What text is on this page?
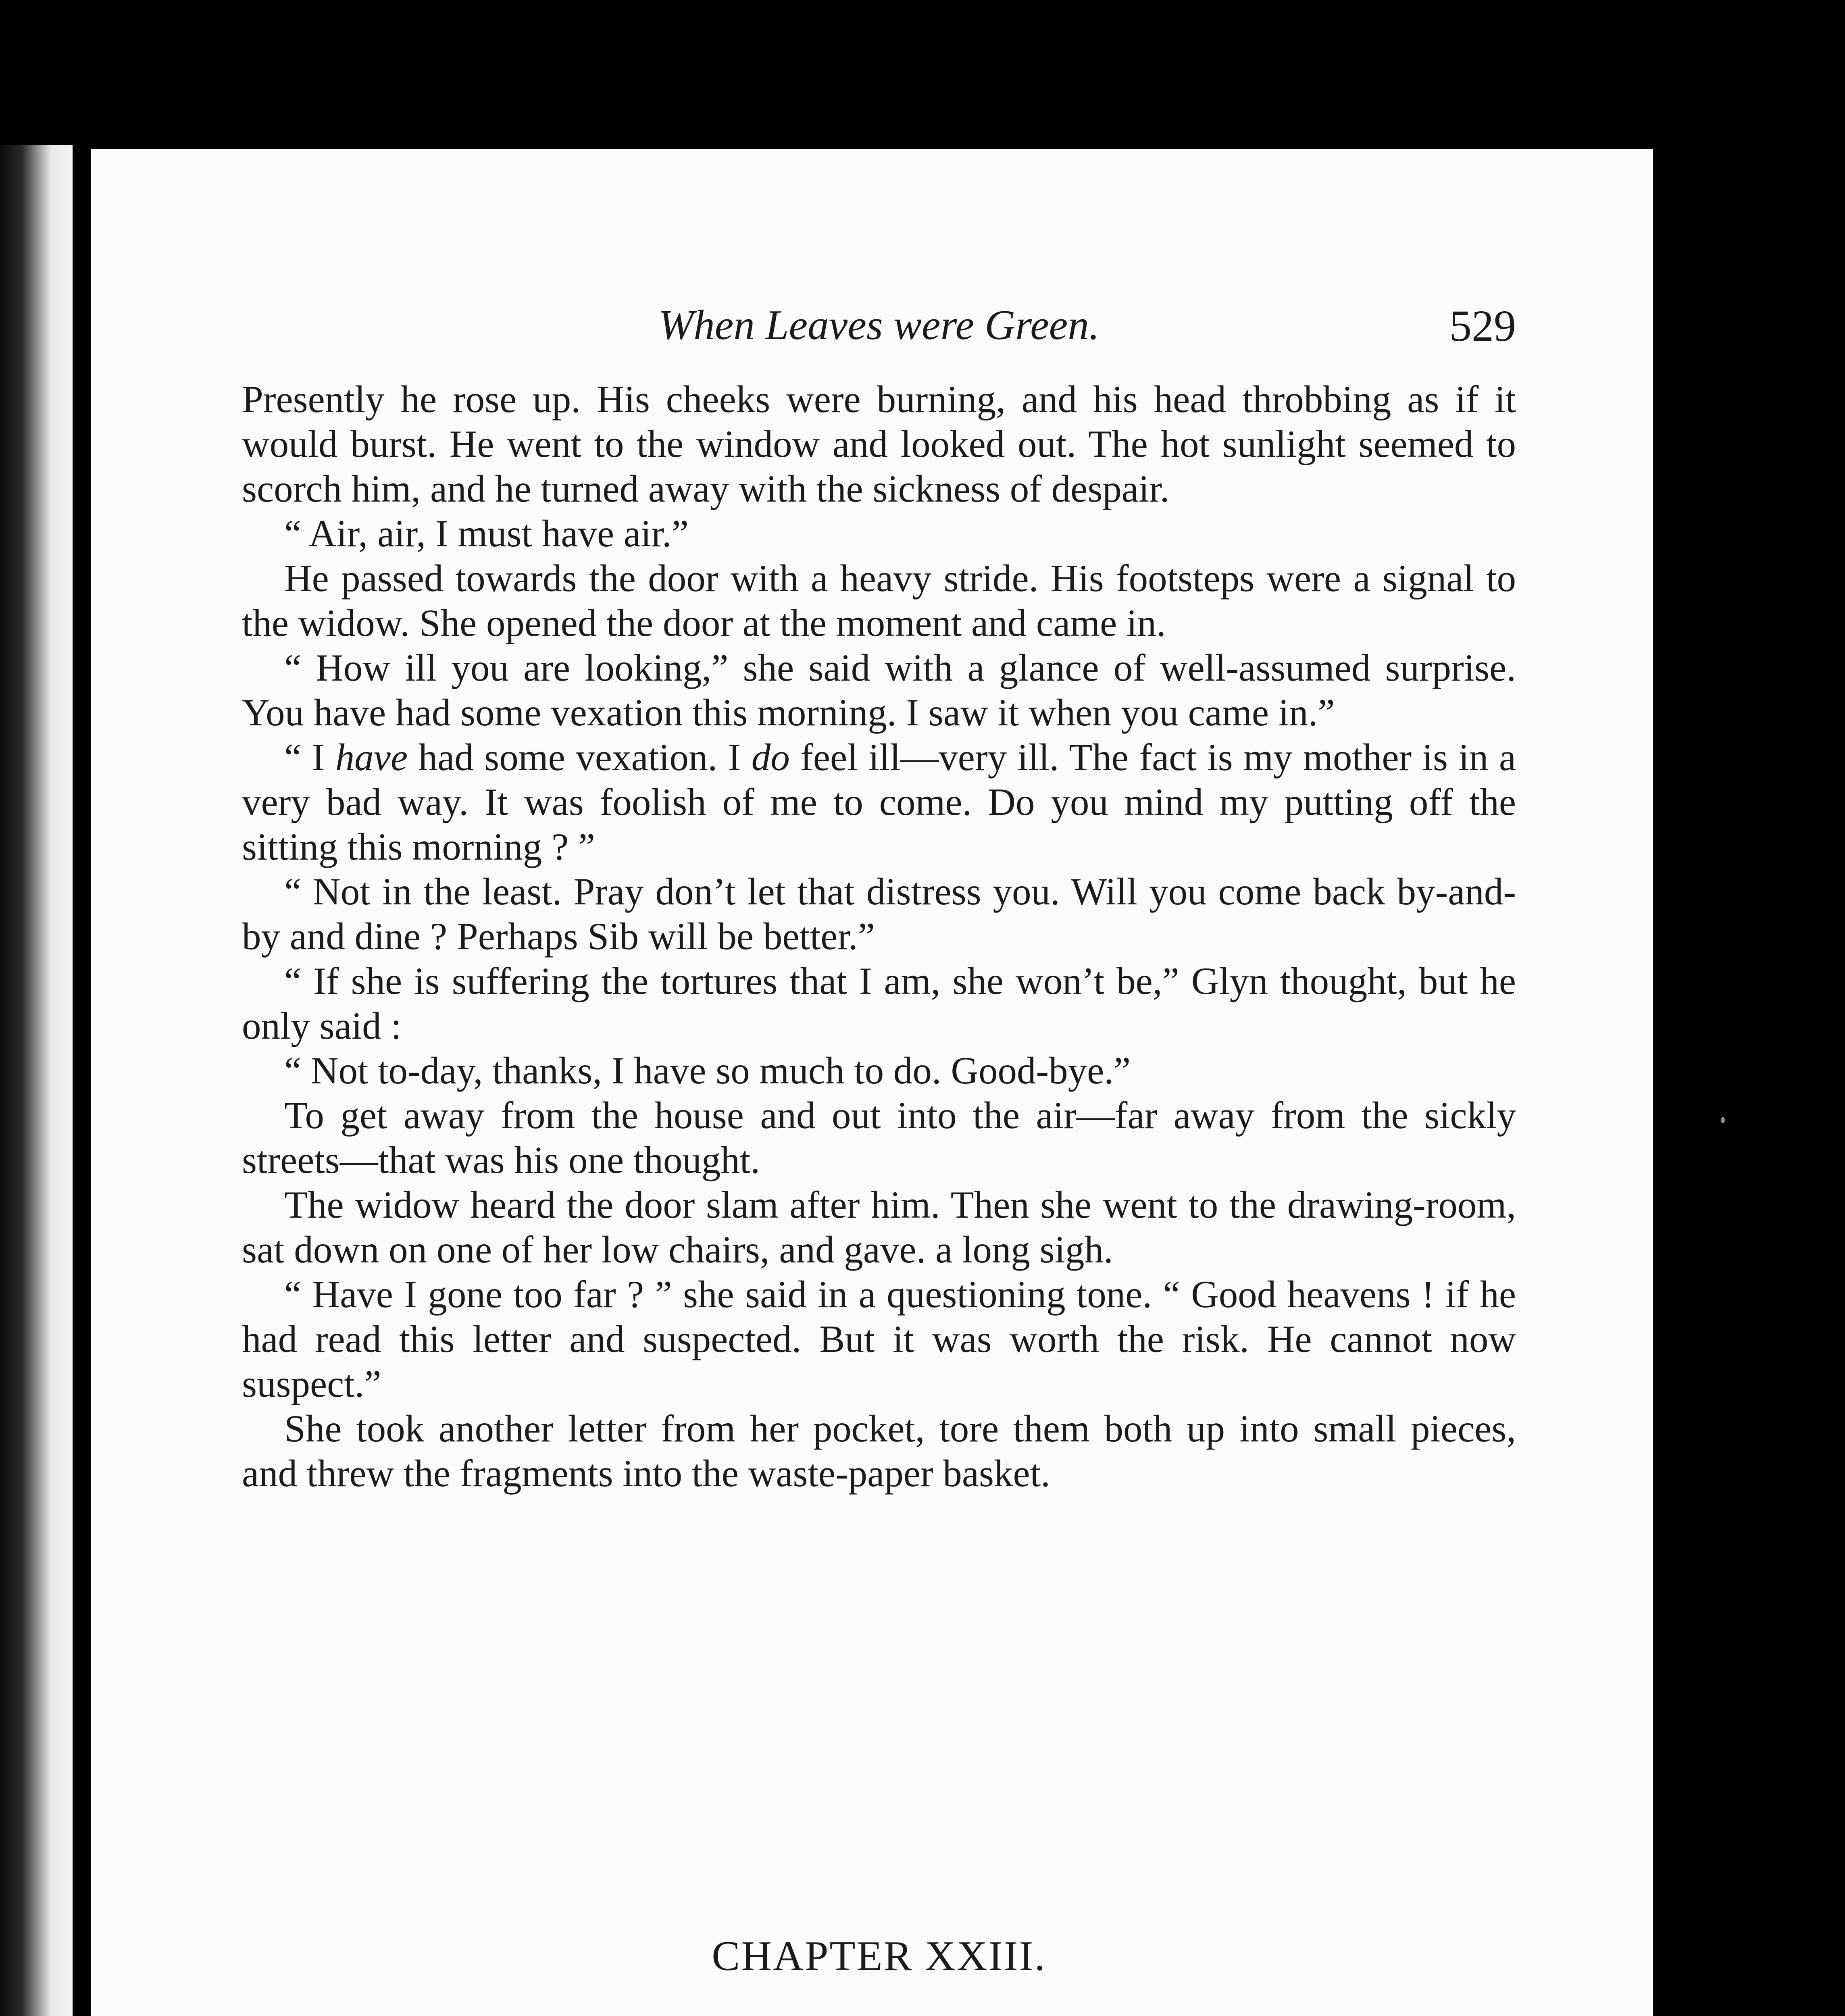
When Leaves were Green.	529

Presently he rose up. His cheeks were burning, and his head throbbing as if it would burst. He went to the window and looked out. The hot sunlight seemed to scorch him, and he turned away with the sickness of despair.

“ Air, air, I must have air.”

He passed towards the door with a heavy stride. His footsteps were a signal to the widow. She opened the door at the moment and came in.

“ How ill you are looking,” she said with a glance of well-assumed surprise. You have had some vexation this morning. I saw it when you came in.”

“ I have had some vexation. I do feel ill—very ill. The fact is my mother is in a very bad way. It was foolish of me to come. Do you mind my putting off the sitting this morning ? ”

“ Not in the least. Pray don’t let that distress you. Will you come back by-and-by and dine ? Perhaps Sib will be better.”

“ If she is suffering the tortures that I am, she won’t be,” Glyn thought, but he only said :

“ Not to-day, thanks, I have so much to do. Good-bye.”

To get away from the house and out into the air—far away from the sickly streets—that was his one thought.

The widow heard the door slam after him. Then she went to the drawing-room, sat down on one of her low chairs, and gave. a long sigh.

“ Have I gone too far ? ” she said in a questioning tone. “ Good heavens ! if he had read this letter and suspected. But it was worth the risk. He cannot now suspect.”

She took another letter from her pocket, tore them both up into small pieces, and threw the fragments into the waste-paper basket.

CHAPTER XXIII.
